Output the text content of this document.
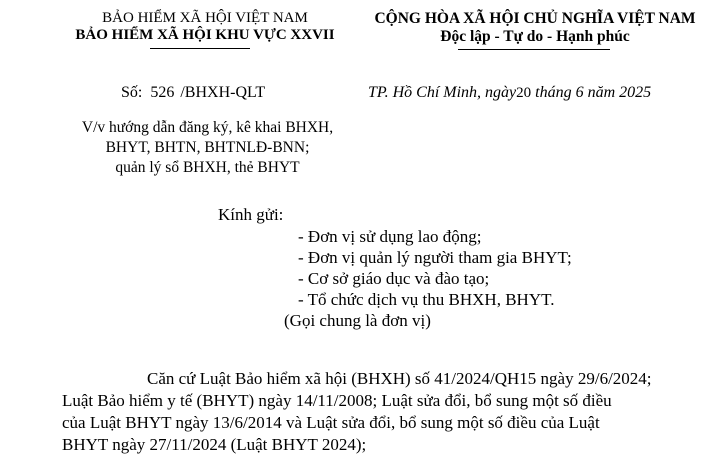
BẢO HIỂM XÃ HỘI VIỆT NAM
BẢO HIỂM XÃ HỘI KHU VỰC XXVII
CỘNG HÒA XÃ HỘI CHỦ NGHĨA VIỆT NAM
Độc lập - Tự do - Hạnh phúc
Số: 526 /BHXH-QLT	TP. Hồ Chí Minh, ngày20 tháng 6 năm 2025
V/v hướng dẫn đăng ký, kê khai BHXH,
BHYT, BHTN, BHTNLĐ-BNN;
quản lý sổ BHXH, thẻ BHYT
Kính gửi:
- Đơn vị sử dụng lao động;
- Đơn vị quản lý người tham gia BHYT;
- Cơ sở giáo dục và đào tạo;
- Tổ chức dịch vụ thu BHXH, BHYT.
(Gọi chung là đơn vị)
Căn cứ Luật Bảo hiểm xã hội (BHXH) số 41/2024/QH15 ngày 29/6/2024;
Luật Bảo hiểm y tế (BHYT) ngày 14/11/2008; Luật sửa đổi, bổ sung một số điều
của Luật BHYT ngày 13/6/2014 và Luật sửa đổi, bổ sung một số điều của Luật
BHYT ngày 27/11/2024 (Luật BHYT 2024);
